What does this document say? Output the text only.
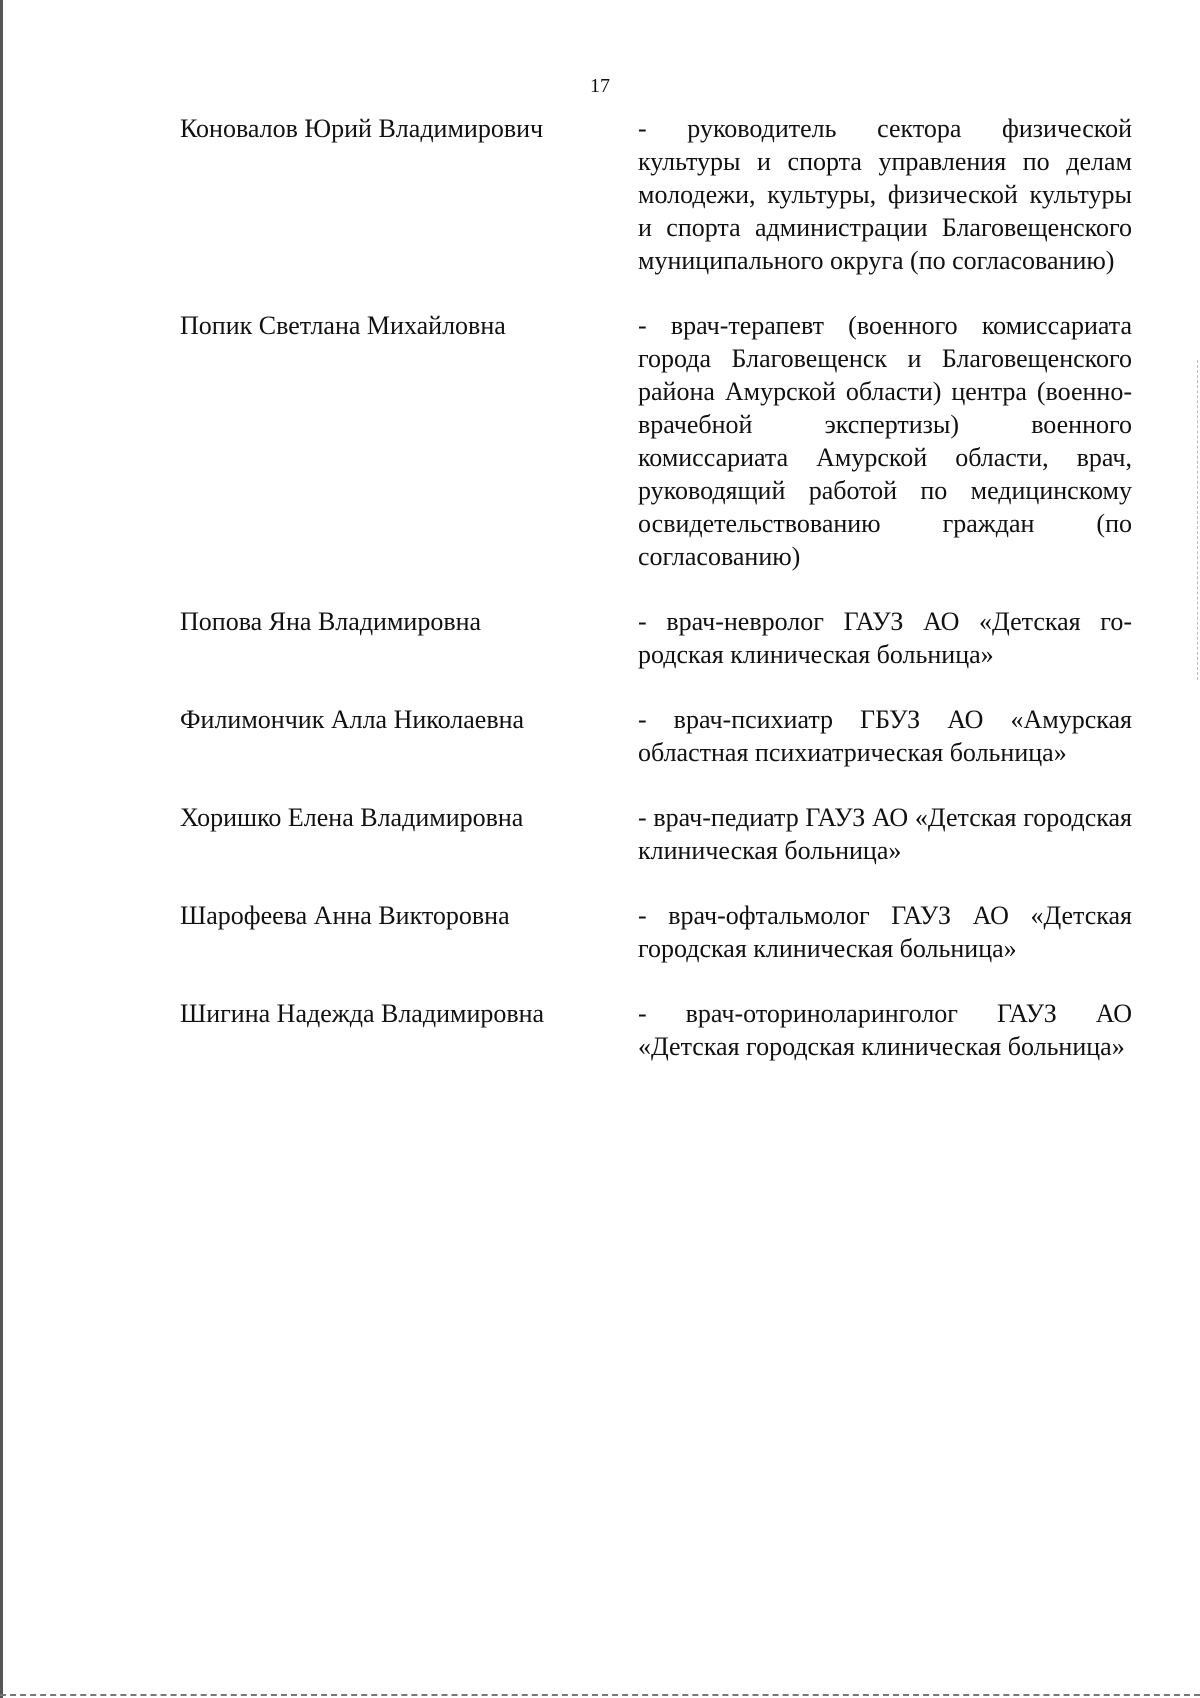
17
Коновалов Юрий Владимирович	- руководитель сектора физической культуры и спорта управления по делам молодежи, культуры, физической культуры и спорта администрации Благовещенского муниципального округа (по согласованию)
Попик Светлана Михайловна	- врач-терапевт (военного комиссариата города Благовещенск и Благовещенского района Амурской области) центра (военно-врачебной экспертизы) военного комиссариата Амурской области, врач, руководящий работой по медицинскому освидетельствованию граждан (по согласованию)
Попова Яна Владимировна	- врач-невролог ГАУЗ АО «Детская городская клиническая больница»
Филимончик Алла Николаевна	- врач-психиатр ГБУЗ АО «Амурская областная психиатрическая больница»
Хоришко Елена Владимировна	- врач-педиатр ГАУЗ АО «Детская городская клиническая больница»
Шарофеева Анна Викторовна	- врач-офтальмолог ГАУЗ АО «Детская городская клиническая больница»
Шигина Надежда Владимировна	- врач-оториноларинголог ГАУЗ АО «Детская городская клиническая больница»
